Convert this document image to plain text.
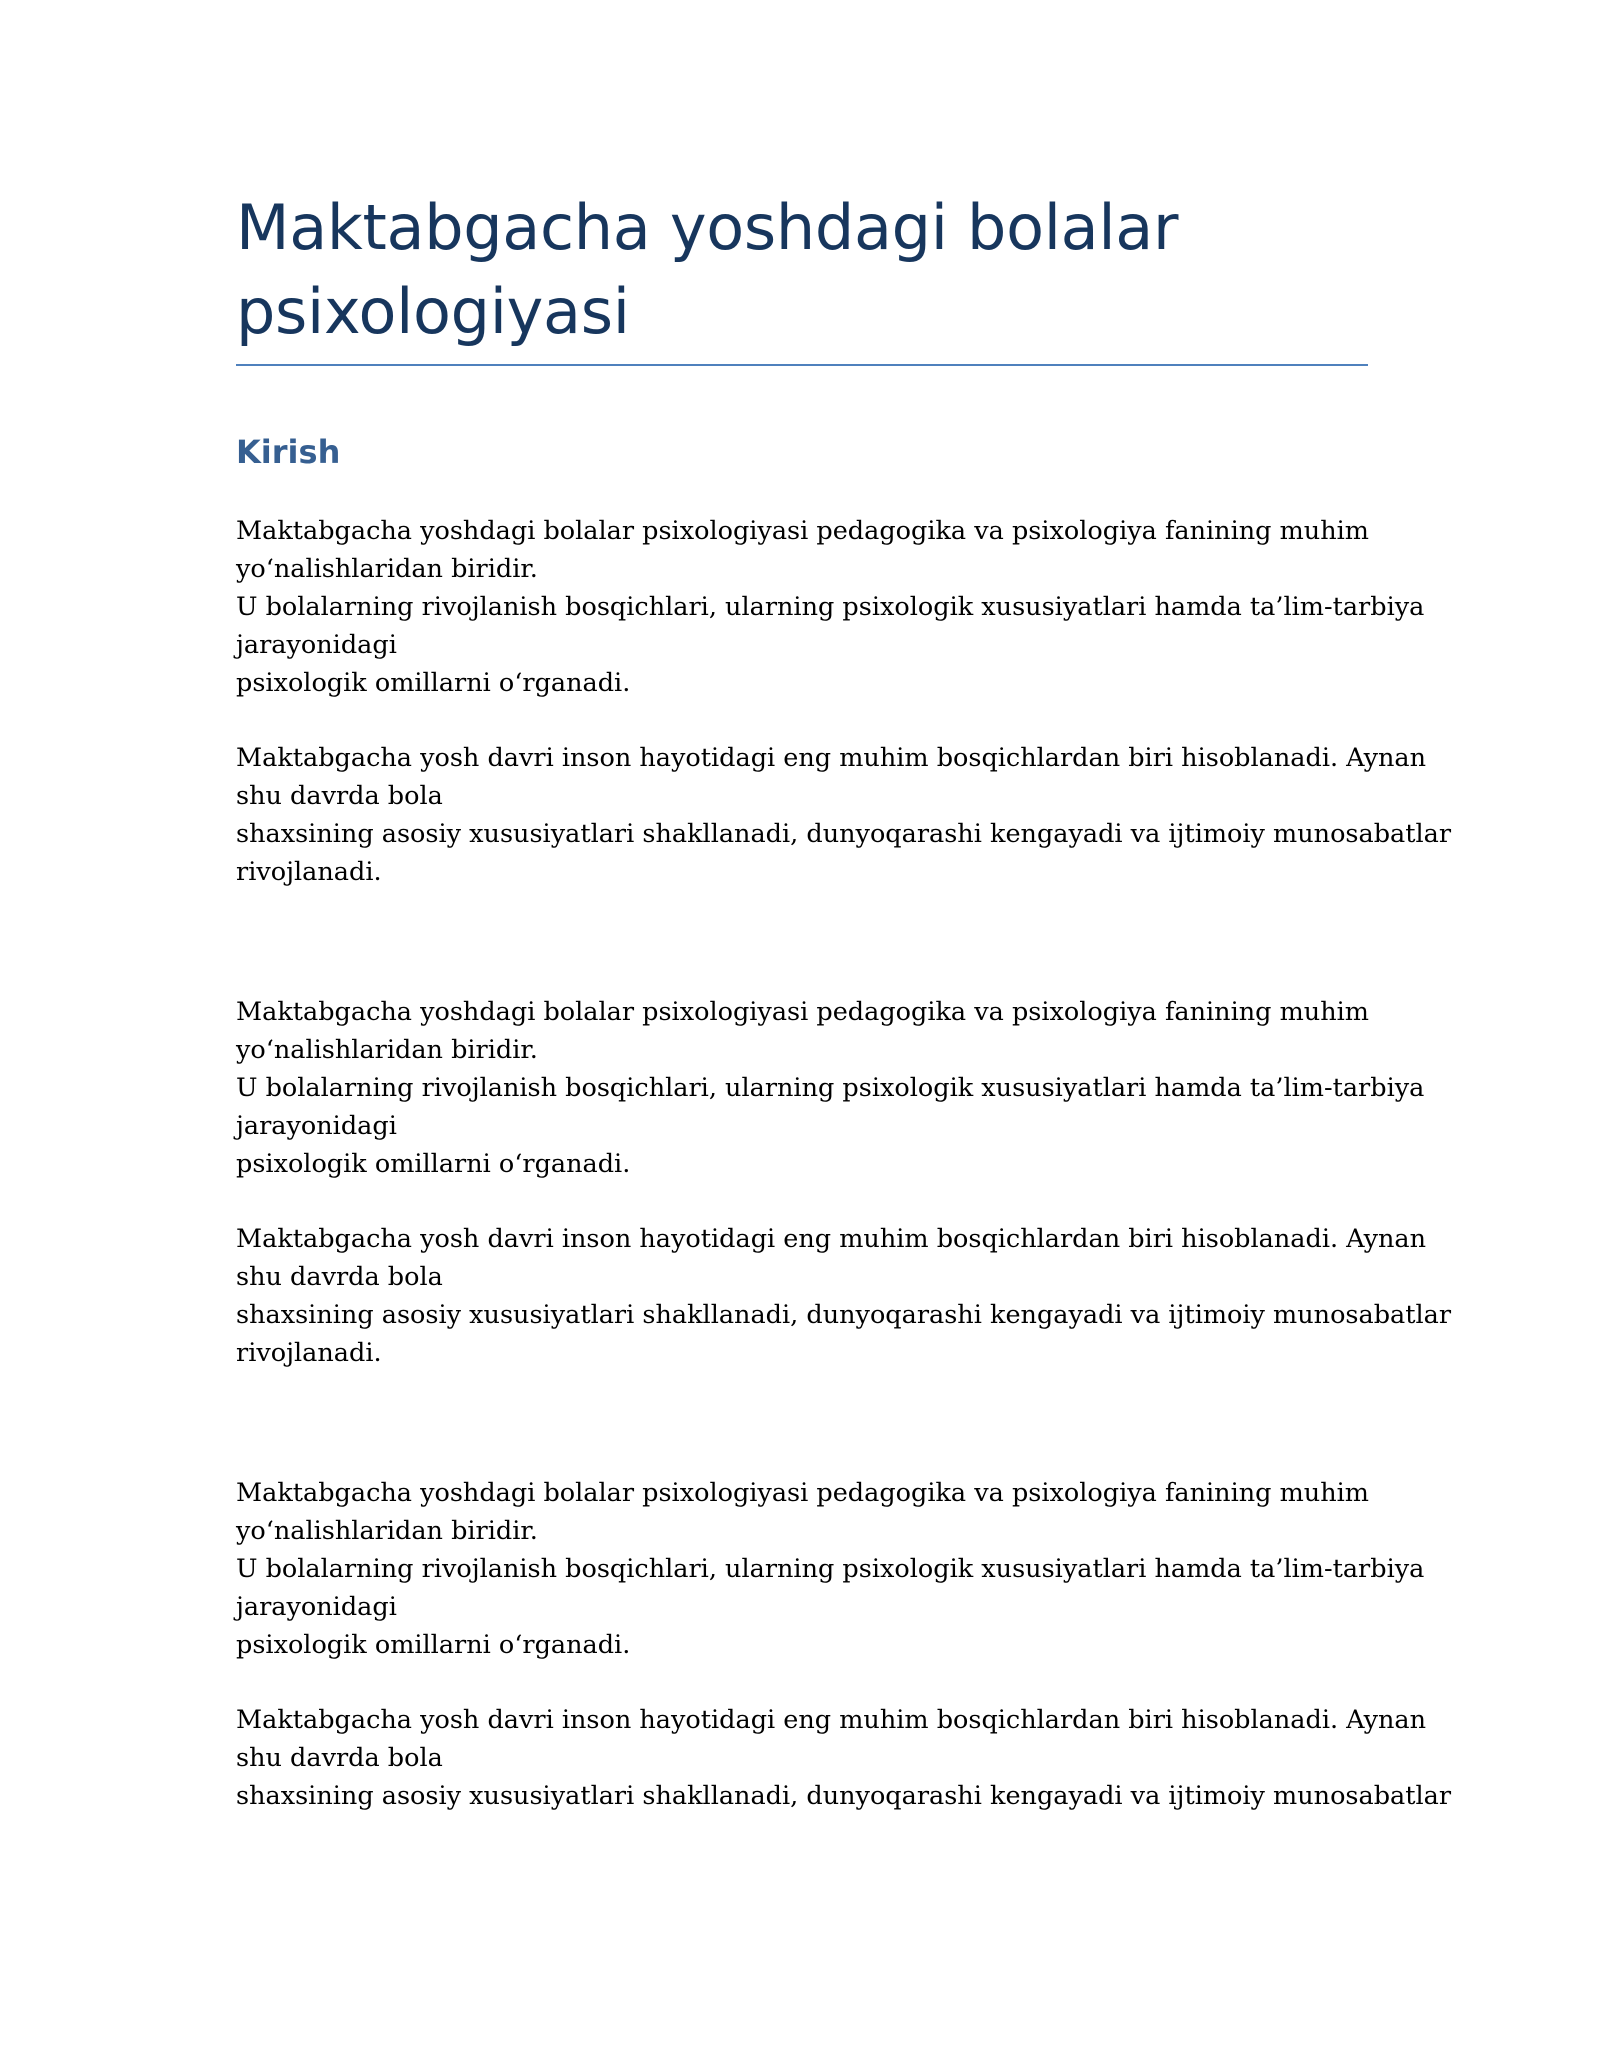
Maktabgacha yoshdagi bolalar
psixologiyasi
Kirish

Maktabgacha yoshdagi bolalar psixologiyasi pedagogika va psixologiya fanining muhim
yo‘nalishlaridan biridir.
U bolalarning rivojlanish bosqichlari, ularning psixologik xususiyatlari hamda ta’lim-tarbiya
jarayonidagi
psixologik omillarni o‘rganadi.

Maktabgacha yosh davri inson hayotidagi eng muhim bosqichlardan biri hisoblanadi. Aynan
shu davrda bola
shaxsining asosiy xususiyatlari shakllanadi, dunyoqarashi kengayadi va ijtimoiy munosabatlar
rivojlanadi.

Maktabgacha yoshdagi bolalar psixologiyasi pedagogika va psixologiya fanining muhim
yo‘nalishlaridan biridir.
U bolalarning rivojlanish bosqichlari, ularning psixologik xususiyatlari hamda ta’lim-tarbiya
jarayonidagi
psixologik omillarni o‘rganadi.

Maktabgacha yosh davri inson hayotidagi eng muhim bosqichlardan biri hisoblanadi. Aynan
shu davrda bola
shaxsining asosiy xususiyatlari shakllanadi, dunyoqarashi kengayadi va ijtimoiy munosabatlar
rivojlanadi.

Maktabgacha yoshdagi bolalar psixologiyasi pedagogika va psixologiya fanining muhim
yo‘nalishlaridan biridir.
U bolalarning rivojlanish bosqichlari, ularning psixologik xususiyatlari hamda ta’lim-tarbiya
jarayonidagi
psixologik omillarni o‘rganadi.

Maktabgacha yosh davri inson hayotidagi eng muhim bosqichlardan biri hisoblanadi. Aynan
shu davrda bola
shaxsining asosiy xususiyatlari shakllanadi, dunyoqarashi kengayadi va ijtimoiy munosabatlar
